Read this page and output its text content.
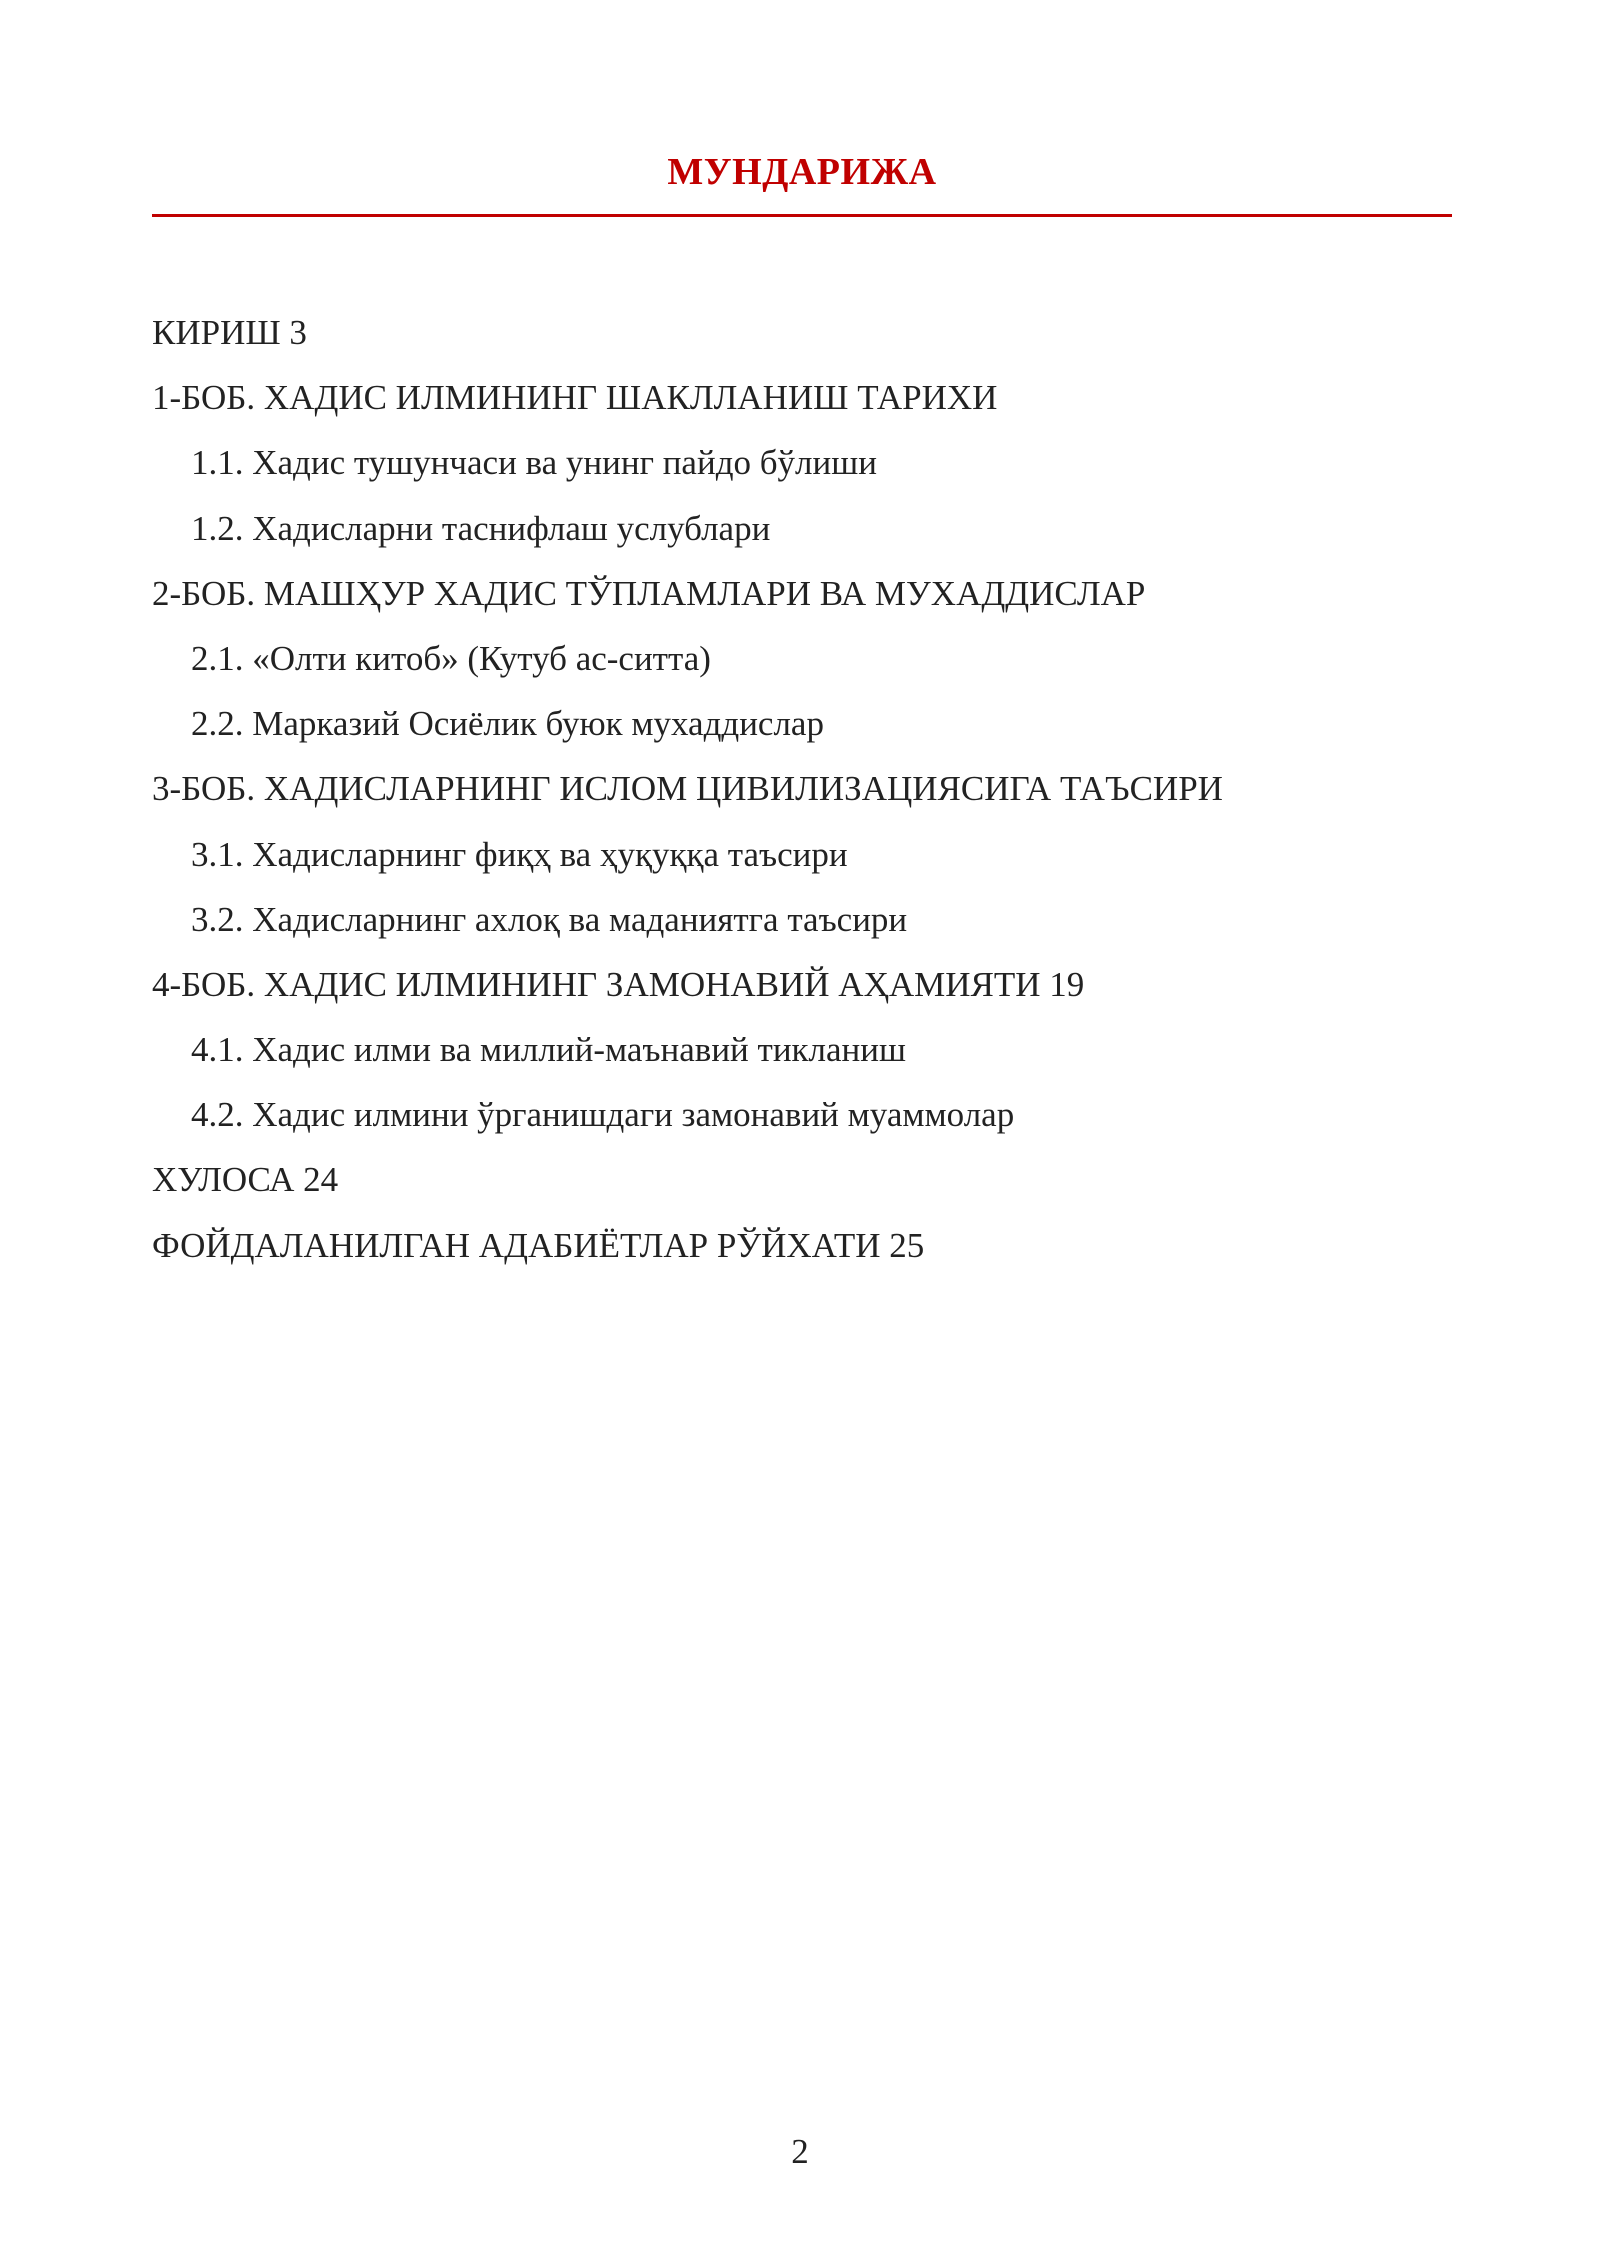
МУНДАРИЖА
КИРИШ 3
1-БОБ. ХАДИС ИЛМИНИНГ ШАКЛЛАНИШ ТАРИХИ
1.1. Хадис тушунчаси ва унинг пайдо бўлиши
1.2. Хадисларни таснифлаш услублари
2-БОБ. МАШҲУР ХАДИС ТЎПЛАМЛАРИ ВА МУХАДДИСЛАР
2.1. «Олти китоб» (Кутуб ас-ситта)
2.2. Марказий Осиёлик буюк мухаддислар
3-БОБ. ХАДИСЛАРНИНГ ИСЛОМ ЦИВИЛИЗАЦИЯСИГА ТАЪСИРИ
3.1. Хадисларнинг фиқҳ ва ҳуқуққа таъсири
3.2. Хадисларнинг ахлоқ ва маданиятга таъсири
4-БОБ. ХАДИС ИЛМИНИНГ ЗАМОНАВИЙ АҲАМИЯТИ 19
4.1. Хадис илми ва миллий-маънавий тикланиш
4.2. Хадис илмини ўрганишдаги замонавий муаммолар
ХУЛОСА 24
ФОЙДАЛАНИЛГАН АДАБИЁТЛАР РЎЙХАТИ 25
2
